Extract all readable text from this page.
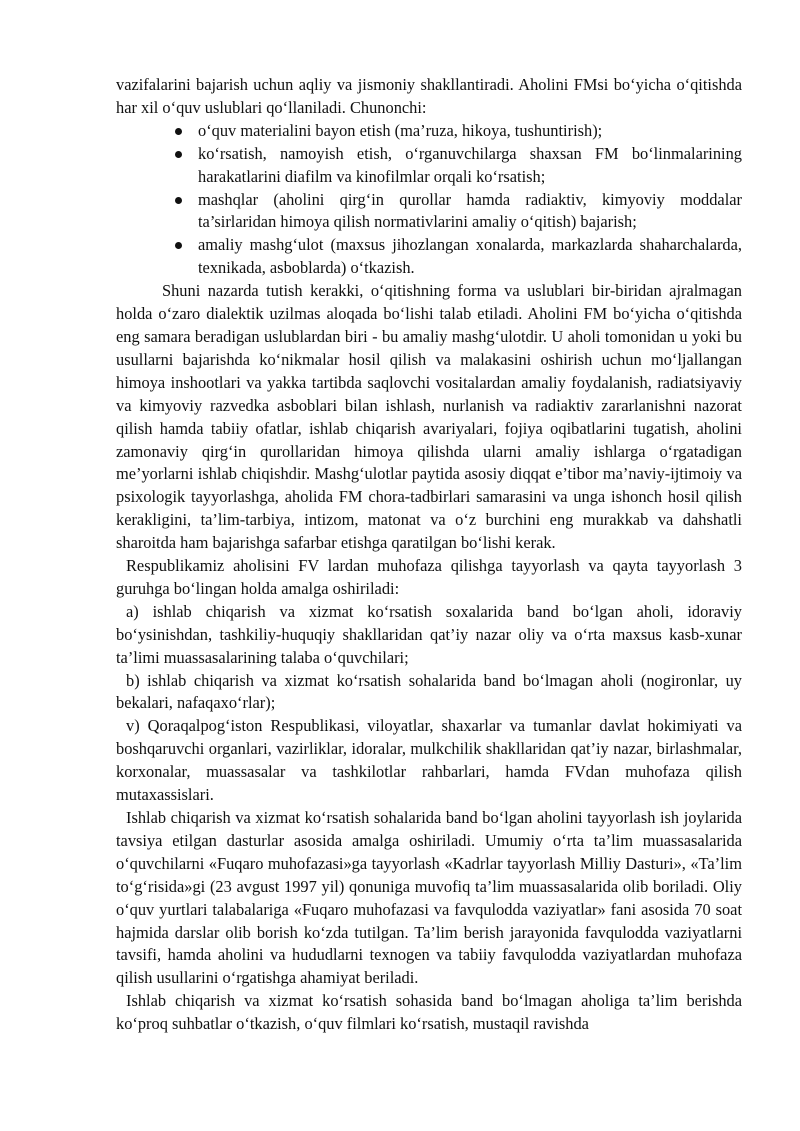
vazifalarini bajarish uchun aqliy va jismoniy shakllantiradi. Aholini FMsi bo‘yicha o‘qitishda har xil o‘quv uslublari qo‘llaniladi. Chunonchi:

o‘quv materialini bayon etish (ma’ruza, hikoya, tushuntirish);
ko‘rsatish, namoyish etish, o‘rganuvchilarga shaxsan FM bo‘linmalarining harakatlarini diafilm va kinofilmlar orqali ko‘rsatish;
mashqlar (aholini qirg‘in qurollar hamda radiaktiv, kimyoviy moddalar ta’sirlaridan himoya qilish normativlarini amaliy o‘qitish) bajarish;
amaliy mashg‘ulot (maxsus jihozlangan xonalarda, markazlarda shaharchalarda, texnikada, asboblarda) o‘tkazish.

Shuni nazarda tutish kerakki, o‘qitishning forma va uslublari bir-biridan ajralmagan holda o‘zaro dialektik uzilmas aloqada bo‘lishi talab etiladi. Aholini FM bo‘yicha o‘qitishda eng samara beradigan uslublardan biri - bu amaliy mashg‘ulotdir. U aholi tomonidan u yoki bu usullarni bajarishda ko‘nikmalar hosil qilish va malakasini oshirish uchun mo‘ljallangan himoya inshootlari va yakka tartibda saqlovchi vositalardan amaliy foydalanish, radiatsiyaviy va kimyoviy razvedka asboblari bilan ishlash, nurlanish va radiaktiv zararlanishni nazorat qilish hamda tabiiy ofatlar, ishlab chiqarish avariyalari, fojiya oqibatlarini tugatish, aholini zamonaviy qirg‘in qurollaridan himoya qilishda ularni amaliy ishlarga o‘rgatadigan me’yorlarni ishlab chiqishdir. Mashg‘ulotlar paytida asosiy diqqat e’tibor ma’naviy-ijtimoiy va psixologik tayyorlashga, aholida FM chora-tadbirlari samarasini va unga ishonch hosil qilish kerakligini, ta’lim-tarbiya, intizom, matonat va o‘z burchini eng murakkab va dahshatli sharoitda ham bajarishga safarbar etishga qaratilgan bo‘lishi kerak.

Respublikamiz aholisini FV lardan muhofaza qilishga tayyorlash va qayta tayyorlash 3 guruhga bo‘lingan holda amalga oshiriladi:

a) ishlab chiqarish va xizmat ko‘rsatish soxalarida band bo‘lgan aholi, idoraviy bo‘ysinishdan, tashkiliy-huquqiy shakllaridan qat’iy nazar oliy va o‘rta maxsus kasb-xunar ta’limi muassasalarining talaba o‘quvchilari;

b) ishlab chiqarish va xizmat ko‘rsatish sohalarida band bo‘lmagan aholi (nogironlar, uy bekalari, nafaqaxo‘rlar);

v) Qoraqalpog‘iston Respublikasi, viloyatlar, shaxarlar va tumanlar davlat hokimiyati va boshqaruvchi organlari, vazirliklar, idoralar, mulkchilik shakllaridan qat’iy nazar, birlashmalar, korxonalar, muassasalar va tashkilotlar rahbarlari, hamda FVdan muhofaza qilish mutaxassislari.

Ishlab chiqarish va xizmat ko‘rsatish sohalarida band bo‘lgan aholini tayyorlash ish joylarida tavsiya etilgan dasturlar asosida amalga oshiriladi. Umumiy o‘rta ta’lim muassasalarida o‘quvchilarni «Fuqaro muhofazasi»ga tayyorlash «Kadrlar tayyorlash Milliy Dasturi», «Ta’lim to‘g‘risida»gi (23 avgust 1997 yil) qonuniga muvofiq ta’lim muassasalarida olib boriladi. Oliy o‘quv yurtlari talabalariga «Fuqaro muhofazasi va favqulodda vaziyatlar» fani asosida 70 soat hajmida darslar olib borish ko‘zda tutilgan. Ta’lim berish jarayonida favqulodda vaziyatlarni tavsifi, hamda aholini va hududlarni texnogen va tabiiy favqulodda vaziyatlardan muhofaza qilish usullarini o‘rgatishga ahamiyat beriladi.

Ishlab chiqarish va xizmat ko‘rsatish sohasida band bo‘lmagan aholiga ta’lim berishda ko‘proq suhbatlar o‘tkazish, o‘quv filmlari ko‘rsatish, mustaqil ravishda
